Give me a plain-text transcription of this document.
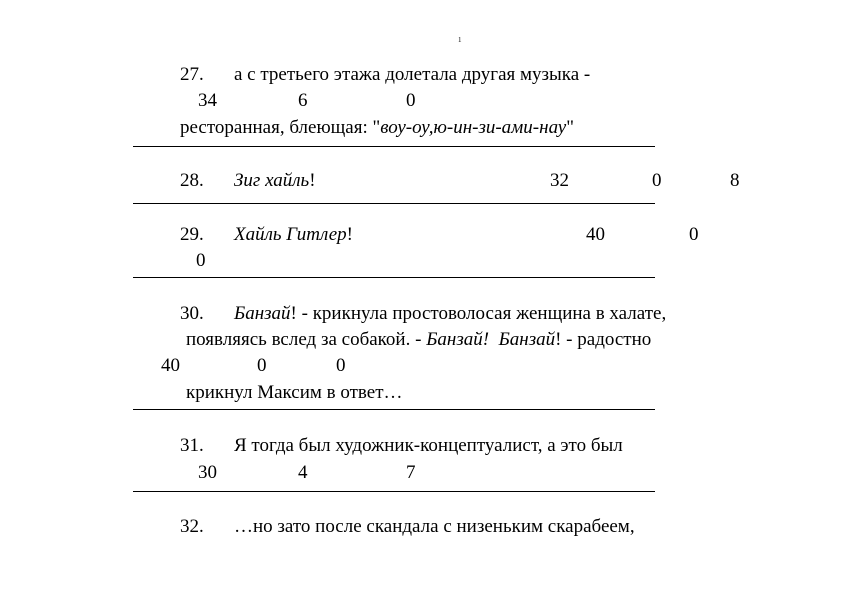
1
27. а с третьего этажа долетала другая музыка -
34	6	0
ресторанная, блеющая: "воу-оу,ю-ин-зи-ами-нау"
28. Зиг хайль!	32	0	8
29. Хайль Гитлер!	40	0
0
30. Банзай! - крикнула простоволосая женщина в халате,
появляясь вслед за собакой. - Банзай! Банзай! - радостно
40	0	0
крикнул Максим в ответ…
31. Я тогда был художник-концептуалист, а это был
30	4	7
32. …но зато после скандала с низеньким скарабеем,
